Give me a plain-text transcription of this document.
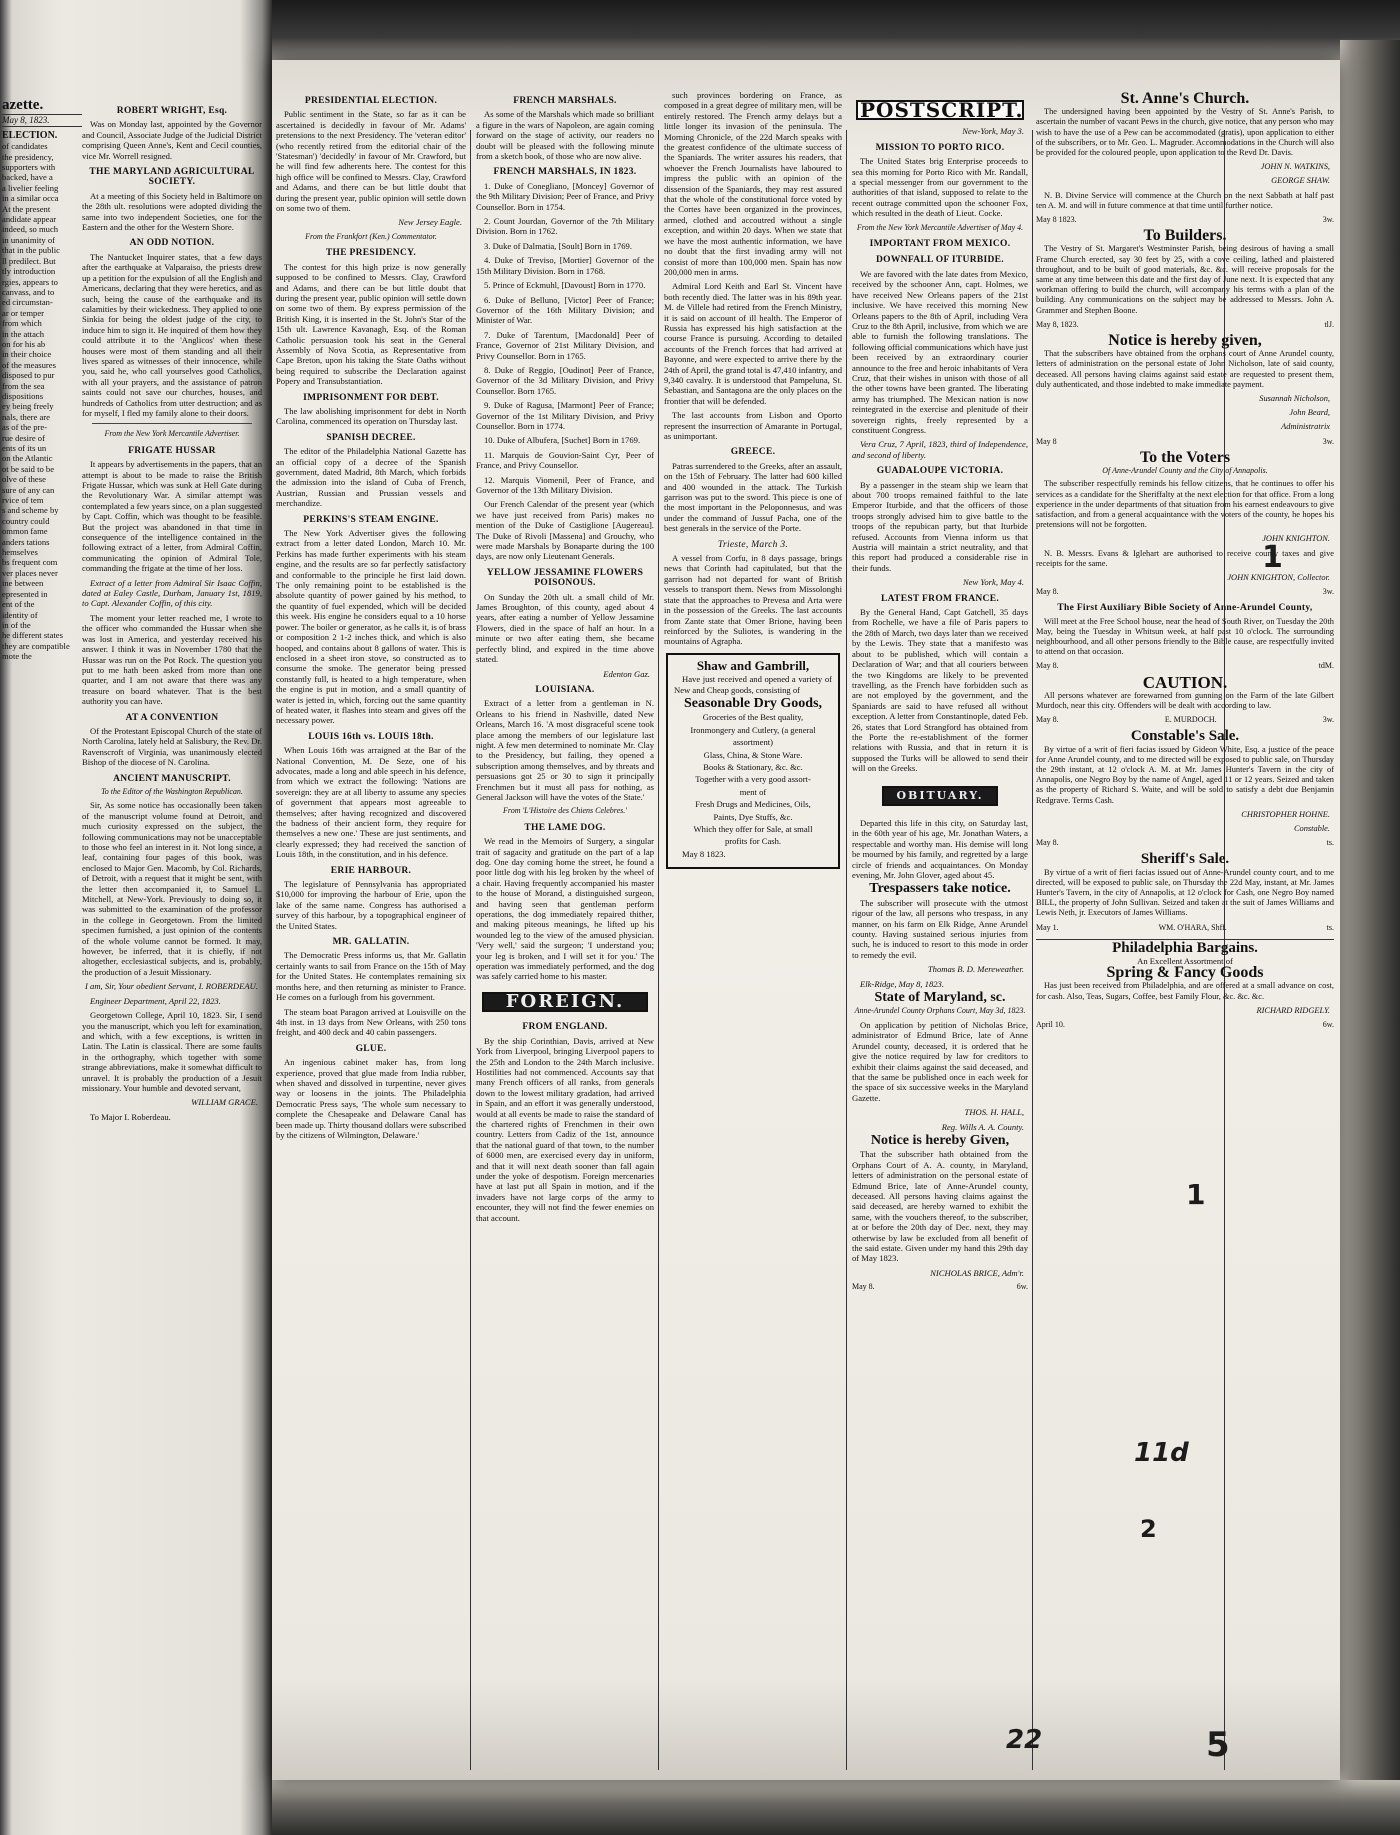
azette.
May 8, 1823.
ELECTION.
of candidates
the presidency,
supporters with
backed, have a
a livelier feeling
in a similar occa
At the present
andidate appear
indeed, so much
in unanimity of
that in the public
ll predilect. But
tly introduction
rgies, appears to
canvass, and to
ed circumstan-
ar or temper
from which
in the attach
on for his ab
in their choice
of the measures
disposed to pur
from the sea
dispositions
ey being freely
nals, there are
as of the pre-
rue desire of
ents of its un
on the Atlantic
ot be said to be
olve of these
sure of any can
rvice of tem
s and scheme by
country could
ommon fame
anders tations
hemselves
bs frequent com
ver places never
ine between
epresented in
ent of the
identity of
in of the
he different states
they are compatible
mote the
ROBERT WRIGHT, Esq.
Was on Monday last, appointed by the Governor and Council, Associate Judge of the Judicial District comprising Queen Anne's, Kent and Cecil counties, vice Mr. Worrell resigned.
THE MARYLAND AGRICULTURAL SOCIETY.
At a meeting of this Society held in Baltimore on the 28th ult. resolutions were adopted dividing the same into two independent Societies, one for the Eastern and the other for the Western Shore.
AN ODD NOTION.
The Nantucket Inquirer states, that a few days after the earthquake at Valparaiso, the priests drew up a petition for the expulsion of all the English and Americans, declaring that they were heretics, and as such, being the cause of the earthquake and its calamities by their wickedness. They applied to one Sinkia for being the oldest judge of the city, to induce him to sign it. He inquired of them how they could attribute it to the 'Anglicos' when these houses were most of them standing and all their lives spared as witnesses of their innocence, while you, said he, who call yourselves good Catholics, with all your prayers, and the assistance of patron saints could not save our churches, houses, and hundreds of Catholics from utter destruction; and as for myself, I fled my family alone to their doors.
From the New York Mercantile Advertiser.
FRIGATE HUSSAR
It appears by advertisements in the papers, that an attempt is about to be made to raise the British Frigate Hussar, which was sunk at Hell Gate during the Revolutionary War. A similar attempt was contemplated a few years since, on a plan suggested by Capt. Coffin, which was thought to be feasible. But the project was abandoned in that time in consequence of the intelligence contained in the following extract of a letter, from Admiral Coffin, communicating the opinion of Admiral Tole, commanding the frigate at the time of her loss.
Extract of a letter from Admiral Sir Isaac Coffin, dated at Ealey Castle, Durham, January 1st, 1819, to Capt. Alexander Coffin, of this city.
The moment your letter reached me, I wrote to the officer who commanded the Hussar when she was lost in America, and yesterday received his answer. I think it was in November 1780 that the Hussar was run on the Pot Rock. The question you put to me hath been asked from more than one quarter, and I am not aware that there was any treasure on board whatever. That is the best authority you can have.
AT A CONVENTION
Of the Protestant Episcopal Church of the state of North Carolina, lately held at Salisbury, the Rev. Dr. Ravenscroft of Virginia, was unanimously elected Bishop of the diocese of N. Carolina.
ANCIENT MANUSCRIPT.
To the Editor of the Washington Republican.
Sir, As some notice has occasionally been taken of the manuscript volume found at Detroit, and much curiosity expressed on the subject, the following communications may not be unacceptable to those who feel an interest in it. Not long since, a leaf, containing four pages of this book, was enclosed to Major Gen. Macomb, by Col. Richards, of Detroit, with a request that it might be sent, with the letter then accompanied it, to Samuel L. Mitchell, at New-York. Previously to doing so, it was submitted to the examination of the professor in the college in Georgetown. From the limited specimen furnished, a just opinion of the contents of the whole volume cannot be formed. It may, however, be inferred, that it is chiefly, if not altogether, ecclesiastical subjects, and is, probably, the production of a Jesuit Missionary.
I am, Sir, Your obedient Servant, I. ROBERDEAU.
Engineer Department, April 22, 1823.
Georgetown College, April 10, 1823. Sir, I send you the manuscript, which you left for examination, and which, with a few exceptions, is written in Latin. The Latin is classical. There are some faults in the orthography, which together with some strange abbreviations, make it somewhat difficult to unravel. It is probably the production of a Jesuit missionary. Your humble and devoted servant,
WILLIAM GRACE.
To Major I. Roberdeau.
PRESIDENTIAL ELECTION.
Public sentiment in the State, so far as it can be ascertained is decidedly in favour of Mr. Adams' pretensions to the next Presidency. The 'veteran editor' (who recently retired from the editorial chair of the 'Statesman') 'decidedly' in favour of Mr. Crawford, but he will find few adherents here. The contest for this high office will be confined to Messrs. Clay, Crawford and Adams, and there can be but little doubt that during the present year, public opinion will settle down on some two of them.
New Jersey Eagle.
From the Frankfort (Ken.) Commentator.
THE PRESIDENCY.
The contest for this high prize is now generally supposed to be confined to Messrs. Clay, Crawford and Adams, and there can be but little doubt that during the present year, public opinion will settle down on some two of them. By express permission of the British King, it is inserted in the St. John's Star of the 15th ult. Lawrence Kavanagh, Esq. of the Roman Catholic persuasion took his seat in the General Assembly of Nova Scotia, as Representative from Cape Breton, upon his taking the State Oaths without being required to subscribe the Declaration against Popery and Transubstantiation.
IMPRISONMENT FOR DEBT.
The law abolishing imprisonment for debt in North Carolina, commenced its operation on Thursday last.
SPANISH DECREE.
The editor of the Philadelphia National Gazette has an official copy of a decree of the Spanish government, dated Madrid, 8th March, which forbids the admission into the island of Cuba of French, Austrian, Russian and Prussian vessels and merchandize.
PERKINS'S STEAM ENGINE.
The New York Advertiser gives the following extract from a letter dated London, March 10. Mr. Perkins has made further experiments with his steam engine, and the results are so far perfectly satisfactory and conformable to the principle he first laid down. The only remaining point to be established is the absolute quantity of power gained by his method, to the quantity of fuel expended, which will be decided this week. His engine he considers equal to a 10 horse power. The boiler or generator, as he calls it, is of brass or composition 2 1-2 inches thick, and which is also hooped, and contains about 8 gallons of water. This is enclosed in a sheet iron stove, so constructed as to consume the smoke. The generator being pressed constantly full, is heated to a high temperature, when the engine is put in motion, and a small quantity of water is jetted in, which, forcing out the same quantity of heated water, it flashes into steam and gives off the necessary power.
LOUIS 16th vs. LOUIS 18th.
When Louis 16th was arraigned at the Bar of the National Convention, M. De Seze, one of his advocates, made a long and able speech in his defence, from which we extract the following: 'Nations are sovereign: they are at all liberty to assume any species of government that appears most agreeable to themselves; after having recognized and discovered the badness of their ancient form, they require for themselves a new one.' These are just sentiments, and clearly expressed; they had received the sanction of Louis 18th, in the constitution, and in his defence.
ERIE HARBOUR.
The legislature of Pennsylvania has appropriated $10,000 for improving the harbour of Erie, upon the lake of the same name. Congress has authorised a survey of this harbour, by a topographical engineer of the United States.
MR. GALLATIN.
The Democratic Press informs us, that Mr. Gallatin certainly wants to sail from France on the 15th of May for the United States. He contemplates remaining six months here, and then returning as minister to France. He comes on a furlough from his government.
The steam boat Paragon arrived at Louisville on the 4th inst. in 13 days from New Orleans, with 250 tons freight, and 400 deck and 40 cabin passengers.
GLUE.
An ingenious cabinet maker has, from long experience, proved that glue made from India rubber, when shaved and dissolved in turpentine, never gives way or loosens in the joints. The Philadelphia Democratic Press says, 'The whole sum necessary to complete the Chesapeake and Delaware Canal has been made up. Thirty thousand dollars were subscribed by the citizens of Wilmington, Delaware.'
FRENCH MARSHALS.
As some of the Marshals which made so brilliant a figure in the wars of Napoleon, are again coming forward on the stage of activity, our readers no doubt will be pleased with the following minute from a sketch book, of those who are now alive.
FRENCH MARSHALS, IN 1823.
1. Duke of Conegliano, [Moncey] Governor of the 9th Military Division; Peer of France, and Privy Counsellor. Born in 1754.
2. Count Jourdan, Governor of the 7th Military Division. Born in 1762.
3. Duke of Dalmatia, [Soult] Born in 1769.
4. Duke of Treviso, [Mortier] Governor of the 15th Military Division. Born in 1768.
5. Prince of Eckmuhl, [Davoust] Born in 1770.
6. Duke of Belluno, [Victor] Peer of France; Governor of the 16th Military Division; and Minister of War.
7. Duke of Tarentum, [Macdonald] Peer of France, Governor of 21st Military Division, and Privy Counsellor. Born in 1765.
8. Duke of Reggio, [Oudinot] Peer of France, Governor of the 3d Military Division, and Privy Counsellor. Born 1765.
9. Duke of Ragusa, [Marmont] Peer of France; Governor of the 1st Military Division, and Privy Counsellor. Born in 1774.
10. Duke of Albufera, [Suchet] Born in 1769.
11. Marquis de Gouvion-Saint Cyr, Peer of France, and Privy Counsellor.
12. Marquis Viomenil, Peer of France, and Governor of the 13th Military Division.
Our French Calendar of the present year (which we have just received from Paris) makes no mention of the Duke of Castiglione [Augereau]. The Duke of Rivoli [Massena] and Grouchy, who were made Marshals by Bonaparte during the 100 days, are now only Lieutenant Generals.
YELLOW JESSAMINE FLOWERS POISONOUS.
On Sunday the 20th ult. a small child of Mr. James Broughton, of this county, aged about 4 years, after eating a number of Yellow Jessamine Flowers, died in the space of half an hour. In a minute or two after eating them, she became perfectly blind, and expired in the time above stated.
Edenton Gaz.
LOUISIANA.
Extract of a letter from a gentleman in N. Orleans to his friend in Nashville, dated New Orleans, March 16. 'A most disgraceful scene took place among the members of our legislature last night. A few men determined to nominate Mr. Clay to the Presidency, but failing, they opened a subscription among themselves, and by threats and persuasions got 25 or 30 to sign it principally Frenchmen but it must all pass for nothing, as General Jackson will have the votes of the State.'
From 'L'Histoire des Chiens Celebres.'
THE LAME DOG.
We read in the Memoirs of Surgery, a singular trait of sagacity and gratitude on the part of a lap dog. One day coming home the street, he found a poor little dog with his leg broken by the wheel of a chair. Having frequently accompanied his master to the house of Morand, a distinguished surgeon, and having seen that gentleman perform operations, the dog immediately repaired thither, and making piteous meanings, he lifted up his wounded leg to the view of the amused physician. 'Very well,' said the surgeon; 'I understand you; your leg is broken, and I will set it for you.' The operation was immediately performed, and the dog was safely carried home to his master.
FOREIGN.
FROM ENGLAND.
By the ship Corinthian, Davis, arrived at New York from Liverpool, bringing Liverpool papers to the 25th and London to the 24th March inclusive. Hostilities had not commenced. Accounts say that many French officers of all ranks, from generals down to the lowest military gradation, had arrived in Spain, and an effort it was generally understood, would at all events be made to raise the standard of the chartered rights of Frenchmen in their own country. Letters from Cadiz of the 1st, announce that the national guard of that town, to the number of 6000 men, are exercised every day in uniform, and that it will next death sooner than fall again under the yoke of despotism. Foreign mercenaries have at last put all Spain in motion, and if the invaders have not large corps of the army to encounter, they will not find the fewer enemies on that account.
such provinces bordering on France, as composed in a great degree of military men, will be entirely restored. The French army delays but a little longer its invasion of the peninsula. The Morning Chronicle, of the 22d March speaks with the greatest confidence of the ultimate success of the Spaniards. The writer assures his readers, that whoever the French Journalists have laboured to impress the public with an opinion of the dissension of the Spaniards, they may rest assured that the whole of the constitutional force voted by the Cortes have been organized in the provinces, armed, clothed and accoutred without a single exception, and within 20 days. When we state that we have the most authentic information, we have no doubt that the first invading army will not consist of more than 100,000 men. Spain has now 200,000 men in arms.
Admiral Lord Keith and Earl St. Vincent have both recently died. The latter was in his 89th year. M. de Villele had retired from the French Ministry, it is said on account of ill health. The Emperor of Russia has expressed his high satisfaction at the course France is pursuing. According to detailed accounts of the French forces that had arrived at Bayonne, and were expected to arrive there by the 24th of April, the grand total is 47,410 infantry, and 9,340 cavalry. It is understood that Pampeluna, St. Sebastian, and Santagona are the only places on the frontier that will be defended.
The last accounts from Lisbon and Oporto represent the insurrection of Amarante in Portugal, as unimportant.
GREECE.
Patras surrendered to the Greeks, after an assault, on the 15th of February. The latter had 600 killed and 400 wounded in the attack. The Turkish garrison was put to the sword. This piece is one of the most important in the Peloponnesus, and was under the command of Jussuf Pacha, one of the best generals in the service of the Porte.
Trieste, March 3.
A vessel from Corfu, in 8 days passage, brings news that Corinth had capitulated, but that the garrison had not departed for want of British vessels to transport them. News from Missolonghi state that the approaches to Prevesa and Arta were in the possession of the Greeks. The last accounts from Zante state that Omer Brione, having been reinforced by the Suliotes, is wandering in the mountains of Agrapha.
Shaw and Gambrill,
Have just received and opened a variety of New and Cheap goods, consisting of
Seasonable Dry Goods,
Groceries of the Best quality,
Ironmongery and Cutlery, (a general
assortment)
Glass, China, & Stone Ware.
Books & Stationary, &c. &c.
Together with a very good assort-
ment of
Fresh Drugs and Medicines, Oils,
Paints, Dye Stuffs, &c.
Which they offer for Sale, at small
profits for Cash.
May 8 1823.
POSTSCRIPT.
New-York, May 3.
MISSION TO PORTO RICO.
The United States brig Enterprise proceeds to sea this morning for Porto Rico with Mr. Randall, a special messenger from our government to the authorities of that island, supposed to relate to the recent outrage committed upon the schooner Fox, which resulted in the death of Lieut. Cocke.
From the New York Mercantile Advertiser of May 4.
IMPORTANT FROM MEXICO.
DOWNFALL OF ITURBIDE.
We are favored with the late dates from Mexico, received by the schooner Ann, capt. Holmes, we have received New Orleans papers of the 21st inclusive. We have received this morning New Orleans papers to the 8th of April, including Vera Cruz to the 8th April, inclusive, from which we are able to furnish the following translations. The following official communications which have just been received by an extraordinary courier announce to the free and heroic inhabitants of Vera Cruz, that their wishes in unison with those of all the other towns have been granted. The liberating army has triumphed. The Mexican nation is now reintegrated in the exercise and plenitude of their sovereign rights, freely represented by a constituent Congress.
Vera Cruz, 7 April, 1823, third of Independence, and second of liberty.
GUADALOUPE VICTORIA.
By a passenger in the steam ship we learn that about 700 troops remained faithful to the late Emperor Iturbide, and that the officers of those troops strongly advised him to give battle to the troops of the repubican party, but that Iturbide refused. Accounts from Vienna inform us that Austria will maintain a strict neutrality, and that this report had produced a considerable rise in their funds.
New York, May 4.
LATEST FROM FRANCE.
By the General Hand, Capt Gatchell, 35 days from Rochelle, we have a file of Paris papers to the 28th of March, two days later than we received by the Lewis. They state that a manifesto was about to be published, which will contain a Declaration of War; and that all couriers between the two Kingdoms are likely to be prevented travelling, as the French have forbidden such as are not employed by the government, and the Spaniards are said to have refused all without exception. A letter from Constantinople, dated Feb. 26, states that Lord Strangford has obtained from the Porte the re-establishment of the former relations with Russia, and that in return it is supposed the Turks will be allowed to send their will on the Greeks.
OBITUARY.
Departed this life in this city, on Saturday last, in the 60th year of his age, Mr. Jonathan Waters, a respectable and worthy man. His demise will long be mourned by his family, and regretted by a large circle of friends and acquaintances. On Monday evening, Mr. John Glover, aged about 45.
Trespassers take notice.
The subscriber will prosecute with the utmost rigour of the law, all persons who trespass, in any manner, on his farm on Elk Ridge, Anne Arundel county. Having sustained serious injuries from such, he is induced to resort to this mode in order to remedy the evil.
Thomas B. D. Mereweather.
Elk-Ridge, May 8, 1823.
State of Maryland, sc.
Anne-Arundel County Orphans Court, May 3d, 1823.
On application by petition of Nicholas Brice, administrator of Edmund Brice, late of Anne Arundel county, deceased, it is ordered that he give the notice required by law for creditors to exhibit their claims against the said deceased, and that the same be published once in each week for the space of six successive weeks in the Maryland Gazette.
THOS. H. HALL,
Reg. Wills A. A. County.
Notice is hereby Given,
That the subscriber hath obtained from the Orphans Court of A. A. county, in Maryland, letters of administration on the personal estate of Edmund Brice, late of Anne-Arundel county, deceased. All persons having claims against the said deceased, are hereby warned to exhibit the same, with the vouchers thereof, to the subscriber, at or before the 20th day of Dec. next, they may otherwise by law be excluded from all benefit of the said estate. Given under my hand this 29th day of May 1823.
NICHOLAS BRICE, Adm'r.
May 8.	6w.
St. Anne's Church.
The undersigned having been appointed by the Vestry of St. Anne's Parish, to ascertain the number of vacant Pews in the church, give notice, that any person who may wish to have the use of a Pew can be accommodated (gratis), upon application to either of the subscribers, or to Mr. Geo. L. Magruder. Accommodations in the Church will also be provided for the coloured people, upon application to the Revd Dr. Davis.
JOHN N. WATKINS,
GEORGE SHAW.
N. B. Divine Service will commence at the Church on the next Sabbath at half past ten A. M. and will in future commence at that time until further notice.
May 8 1823.	3w.
To Builders.
The Vestry of St. Margaret's Westminster Parish, being desirous of having a small Frame Church erected, say 30 feet by 25, with a cove ceiling, lathed and plaistered throughout, and to be built of good materials, &c. &c. will receive proposals for the same at any time between this date and the first day of June next. It is expected that any workman offering to build the church, will accompany his terms with a plan of the building. Any communications on the subject may be addressed to Messrs. John A. Grammer and Stephen Boone.
May 8, 1823.	tlJ.
Notice is hereby given,
That the subscribers have obtained from the orphans court of Anne Arundel county, letters of administration on the personal estate of John Nicholson, late of said county, deceased. All persons having claims against said estate are requested to present them, duly authenticated, and those indebted to make immediate payment.
Susannah Nicholson,
John Beard,
Administratrix
May 8	3w.
To the Voters
Of Anne-Arundel County and the City of Annapolis.
The subscriber respectfully reminds his fellow citizens, that he continues to offer his services as a candidate for the Sheriffalty at the next election for that office. From a long experience in the under departments of that situation from his earnest endeavours to give satisfaction, and from a general acquaintance with the voters of the county, he hopes his pretensions will not be forgotten.
JOHN KNIGHTON.
N. B. Messrs. Evans & Iglehart are authorised to receive county taxes and give receipts for the same.
JOHN KNIGHTON, Collector.
May 8.	3w.
The First Auxiliary Bible Society of Anne-Arundel County,
Will meet at the Free School house, near the head of South River, on Tuesday the 20th May, being the Tuesday in Whitsun week, at half past 10 o'clock. The surrounding neighbourhood, and all other persons friendly to the Bible cause, are respectfully invited to attend on that occasion.
May 8.	tdM.
CAUTION.
All persons whatever are forewarned from gunning on the Farm of the late Gilbert Murdoch, near this city. Offenders will be dealt with according to law.
May 8.	E. MURDOCH.	3w.
Constable's Sale.
By virtue of a writ of fieri facias issued by Gideon White, Esq. a justice of the peace for Anne Arundel county, and to me directed will be exposed to public sale, on Thursday the 29th instant, at 12 o'clock A. M. at Mr. James Hunter's Tavern in the city of Annapolis, one Negro Boy by the name of Angel, aged 11 or 12 years. Seized and taken as the property of Richard S. Waite, and will be sold to satisfy a debt due Benjamin Redgrave. Terms Cash.
CHRISTOPHER HOHNE.
Constable.
May 8.	ts.
Sheriff's Sale.
By virtue of a writ of fieri facias issued out of Anne-Arundel county court, and to me directed, will be exposed to public sale, on Thursday the 22d May, instant, at Mr. James Hunter's Tavern, in the city of Annapolis, at 12 o'clock for Cash, one Negro Boy named BILL, the property of John Sullivan. Seized and taken at the suit of James Williams and Lewis Neth, jr. Executors of James Williams.
May 1.	WM. O'HARA, Shff.	ts.
Philadelphia Bargains.
An Excellent Assortment of
Spring & Fancy Goods
Has just been received from Philadelphia, and are offered at a small advance on cost, for cash. Also, Teas, Sugars, Coffee, best Family Flour, &c. &c. &c.
RICHARD RIDGELY.
April 10.	6w.
1
1
2
5
11d
22
